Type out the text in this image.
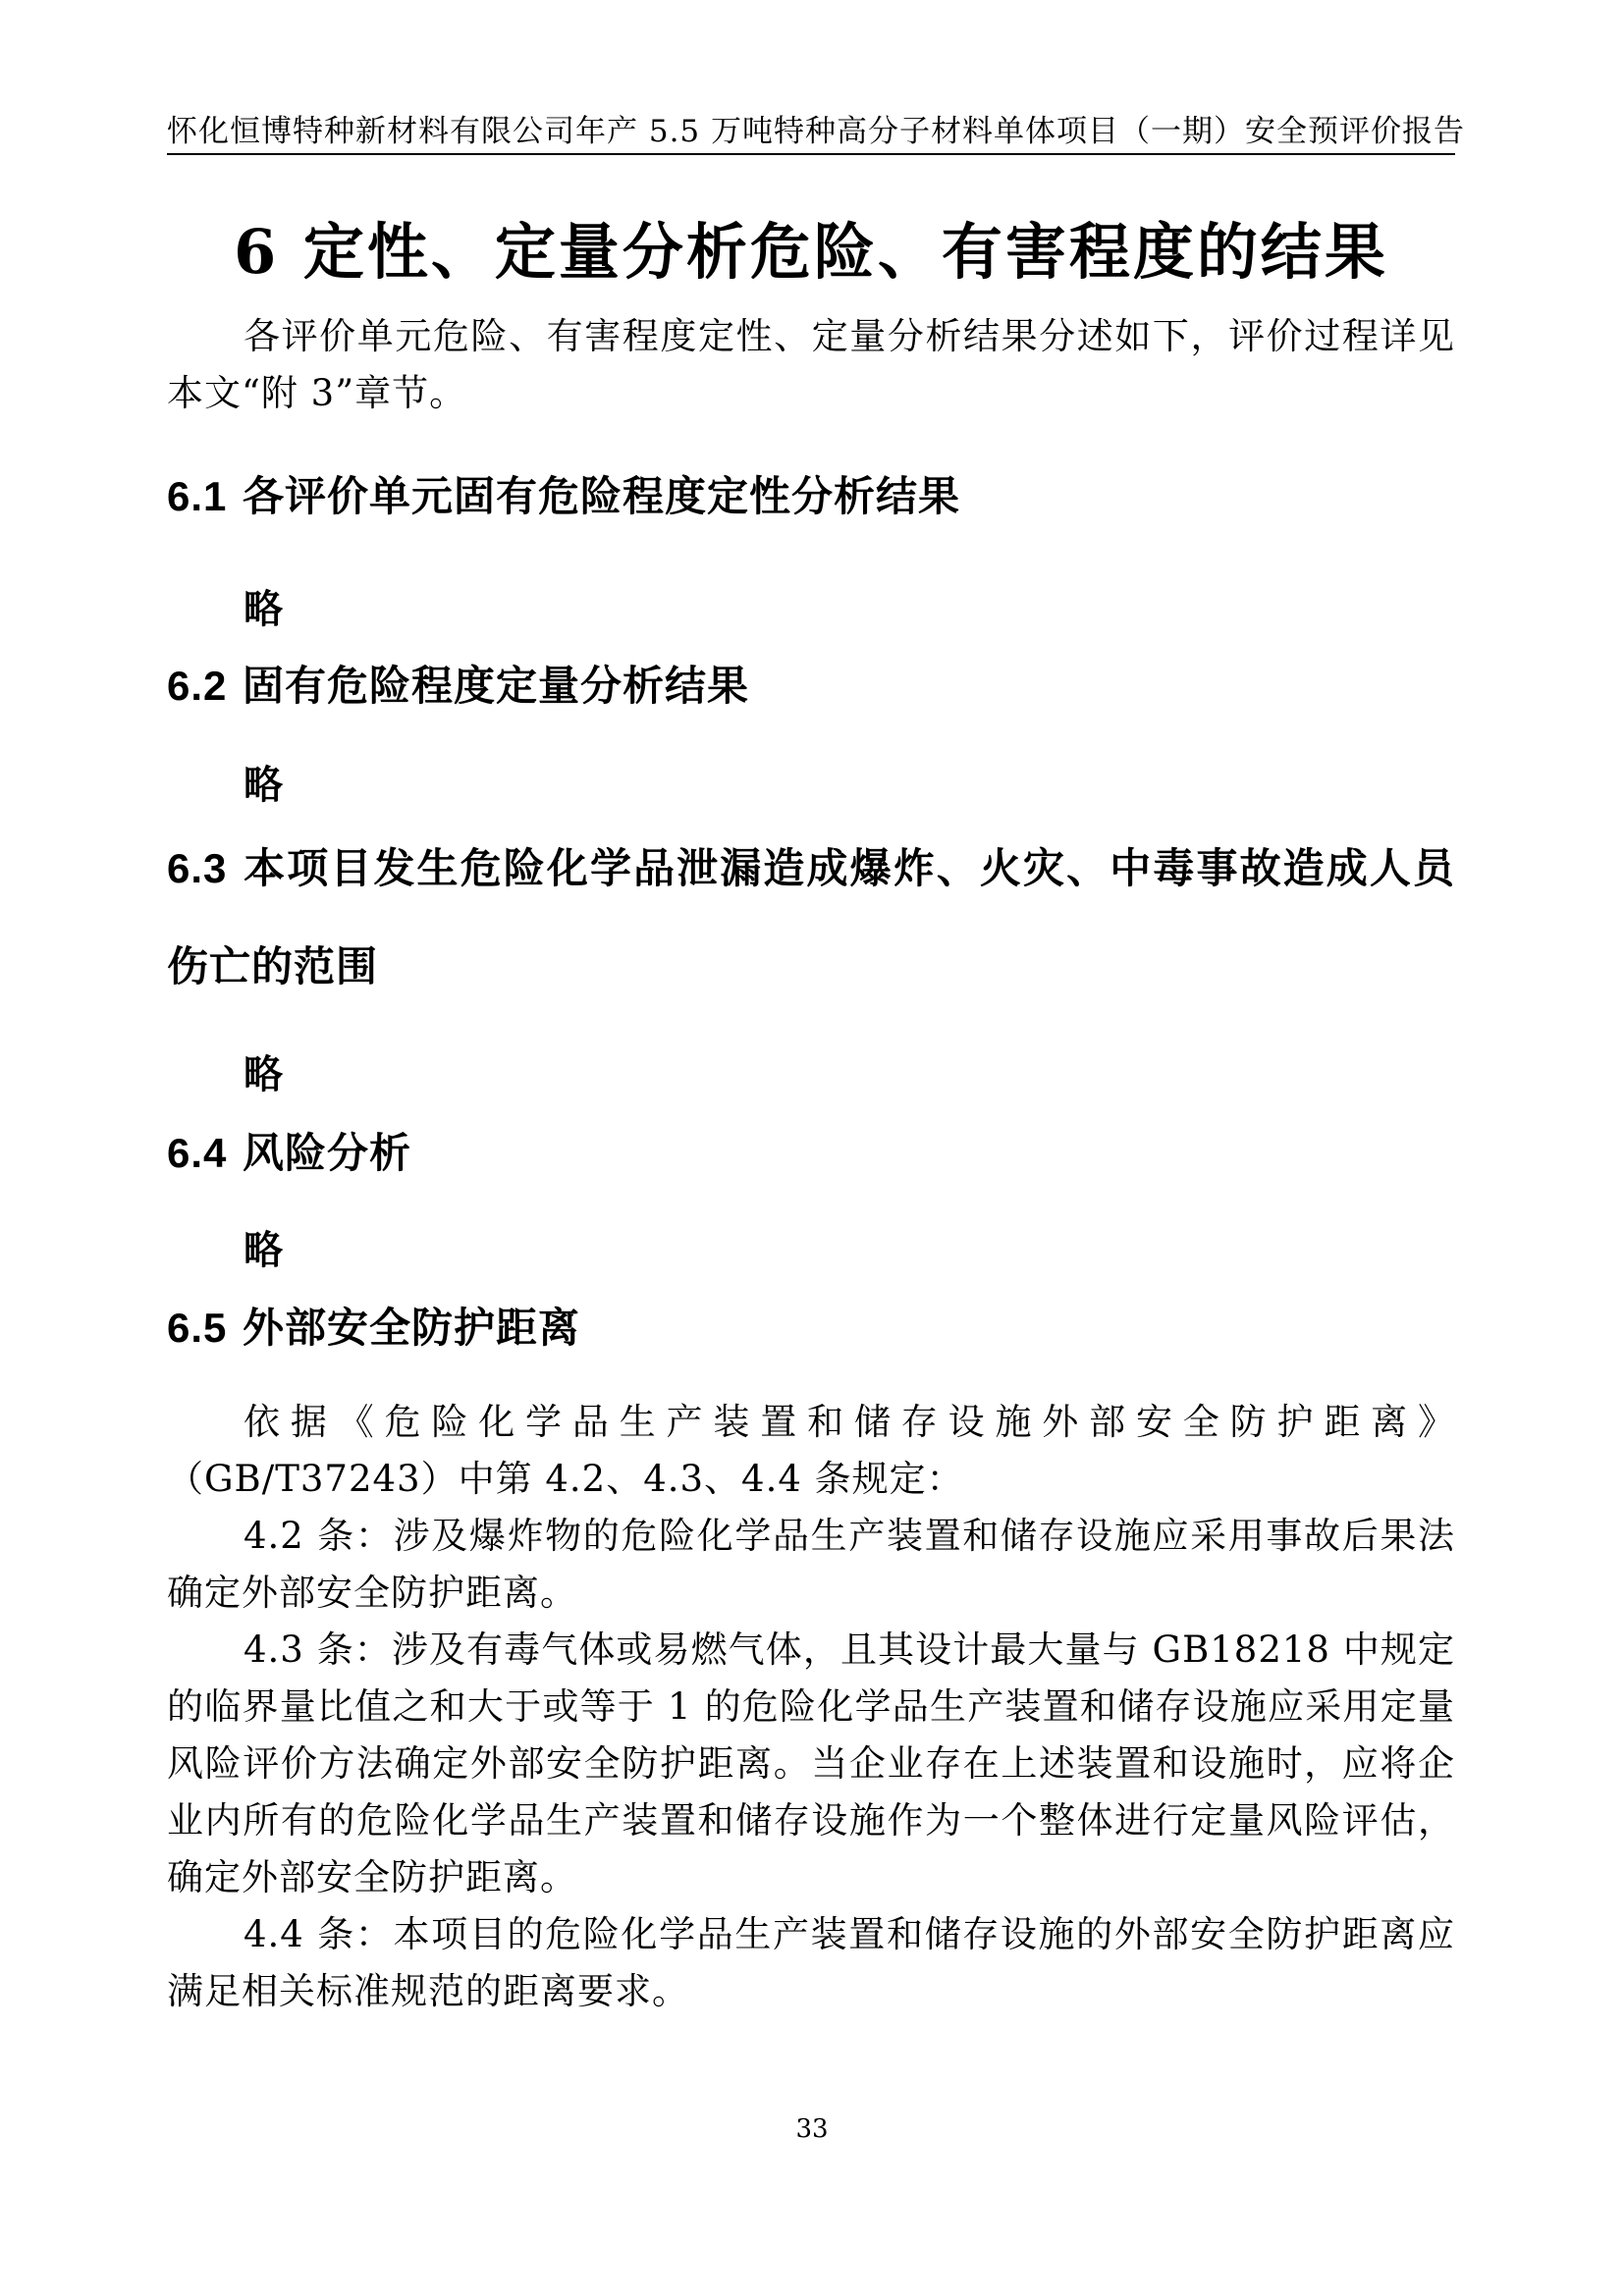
怀化恒博特种新材料有限公司年产 5.5 万吨特种高分子材料单体项目（一期）安全预评价报告
6 定性、定量分析危险、有害程度的结果

各评价单元危险、有害程度定性、定量分析结果分述如下，评价过程详见本文“附 3”章节。

6.1 各评价单元固有危险程度定性分析结果
略
6.2 固有危险程度定量分析结果
略
6.3 本项目发生危险化学品泄漏造成爆炸、火灾、中毒事故造成人员伤亡的范围
略
6.4 风险分析
略
6.5 外部安全防护距离

依据《危险化学品生产装置和储存设施外部安全防护距离》（GB/T37243）中第 4.2、4.3、4.4 条规定：

4.2 条：涉及爆炸物的危险化学品生产装置和储存设施应采用事故后果法确定外部安全防护距离。

4.3 条：涉及有毒气体或易燃气体，且其设计最大量与 GB18218 中规定的临界量比值之和大于或等于 1 的危险化学品生产装置和储存设施应采用定量风险评价方法确定外部安全防护距离。当企业存在上述装置和设施时，应将企业内所有的危险化学品生产装置和储存设施作为一个整体进行定量风险评估，确定外部安全防护距离。

4.4 条：本项目的危险化学品生产装置和储存设施的外部安全防护距离应满足相关标准规范的距离要求。

33
